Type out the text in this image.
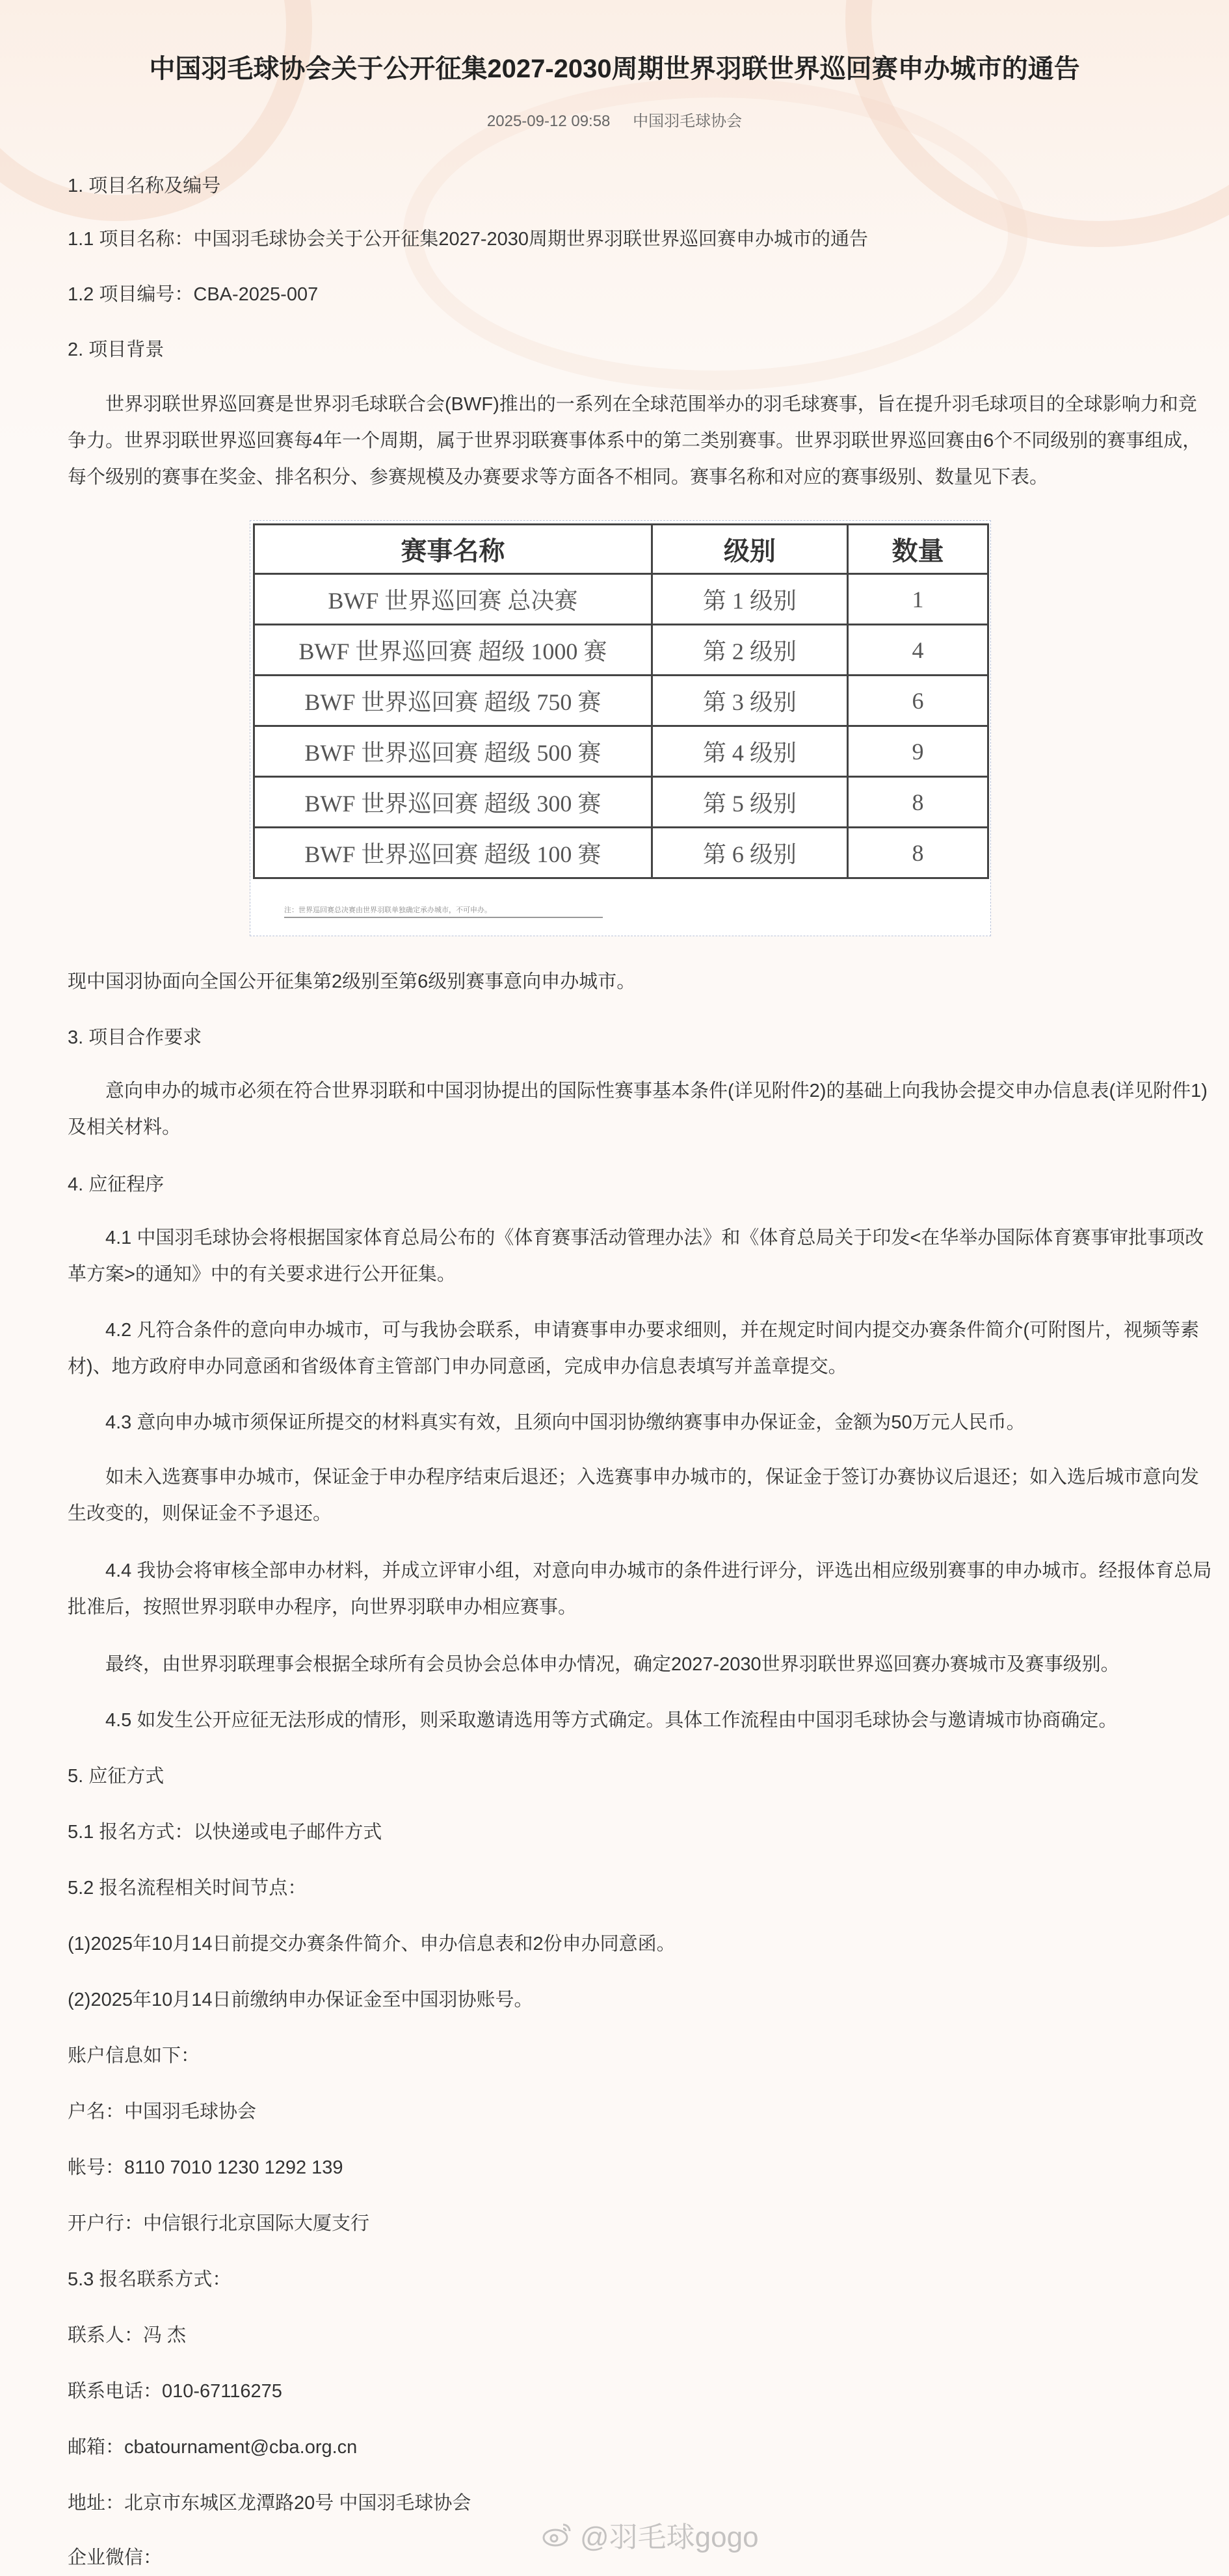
中国羽毛球协会关于公开征集2027-2030周期世界羽联世界巡回赛申办城市的通告
2025-09-12 09:58 中国羽毛球协会
1. 项目名称及编号
1.1 项目名称：中国羽毛球协会关于公开征集2027-2030周期世界羽联世界巡回赛申办城市的通告
1.2 项目编号：CBA-2025-007
2. 项目背景
世界羽联世界巡回赛是世界羽毛球联合会(BWF)推出的一系列在全球范围举办的羽毛球赛事，旨在提升羽毛球项目的全球影响力和竞争力。世界羽联世界巡回赛每4年一个周期，属于世界羽联赛事体系中的第二类别赛事。世界羽联世界巡回赛由6个不同级别的赛事组成，每个级别的赛事在奖金、排名积分、参赛规模及办赛要求等方面各不相同。赛事名称和对应的赛事级别、数量见下表。
赛事名称	级别	数量
BWF 世界巡回赛 总决赛	第 1 级别	1
BWF 世界巡回赛 超级 1000 赛	第 2 级别	4
BWF 世界巡回赛 超级 750 赛	第 3 级别	6
BWF 世界巡回赛 超级 500 赛	第 4 级别	9
BWF 世界巡回赛 超级 300 赛	第 5 级别	8
BWF 世界巡回赛 超级 100 赛	第 6 级别	8
注：世界巡回赛总决赛由世界羽联单独确定承办城市，不可申办。
现中国羽协面向全国公开征集第2级别至第6级别赛事意向申办城市。
3. 项目合作要求
意向申办的城市必须在符合世界羽联和中国羽协提出的国际性赛事基本条件(详见附件2)的基础上向我协会提交申办信息表(详见附件1)及相关材料。
4. 应征程序
4.1 中国羽毛球协会将根据国家体育总局公布的《体育赛事活动管理办法》和《体育总局关于印发<在华举办国际体育赛事审批事项改革方案>的通知》中的有关要求进行公开征集。
4.2 凡符合条件的意向申办城市，可与我协会联系，申请赛事申办要求细则，并在规定时间内提交办赛条件简介(可附图片，视频等素材)、地方政府申办同意函和省级体育主管部门申办同意函，完成申办信息表填写并盖章提交。
4.3 意向申办城市须保证所提交的材料真实有效，且须向中国羽协缴纳赛事申办保证金，金额为50万元人民币。
如未入选赛事申办城市，保证金于申办程序结束后退还；入选赛事申办城市的，保证金于签订办赛协议后退还；如入选后城市意向发生改变的，则保证金不予退还。
4.4 我协会将审核全部申办材料，并成立评审小组，对意向申办城市的条件进行评分，评选出相应级别赛事的申办城市。经报体育总局批准后，按照世界羽联申办程序，向世界羽联申办相应赛事。
最终，由世界羽联理事会根据全球所有会员协会总体申办情况，确定2027-2030世界羽联世界巡回赛办赛城市及赛事级别。
4.5 如发生公开应征无法形成的情形，则采取邀请选用等方式确定。具体工作流程由中国羽毛球协会与邀请城市协商确定。
5. 应征方式
5.1 报名方式：以快递或电子邮件方式
5.2 报名流程相关时间节点：
(1)2025年10月14日前提交办赛条件简介、申办信息表和2份申办同意函。
(2)2025年10月14日前缴纳申办保证金至中国羽协账号。
账户信息如下：
户名：中国羽毛球协会
帐号：8110 7010 1230 1292 139
开户行：中信银行北京国际大厦支行
5.3 报名联系方式：
联系人：冯 杰
联系电话：010-67116275
邮箱：cbatournament@cba.org.cn
地址：北京市东城区龙潭路20号 中国羽毛球协会
企业微信：
@羽毛球gogo
